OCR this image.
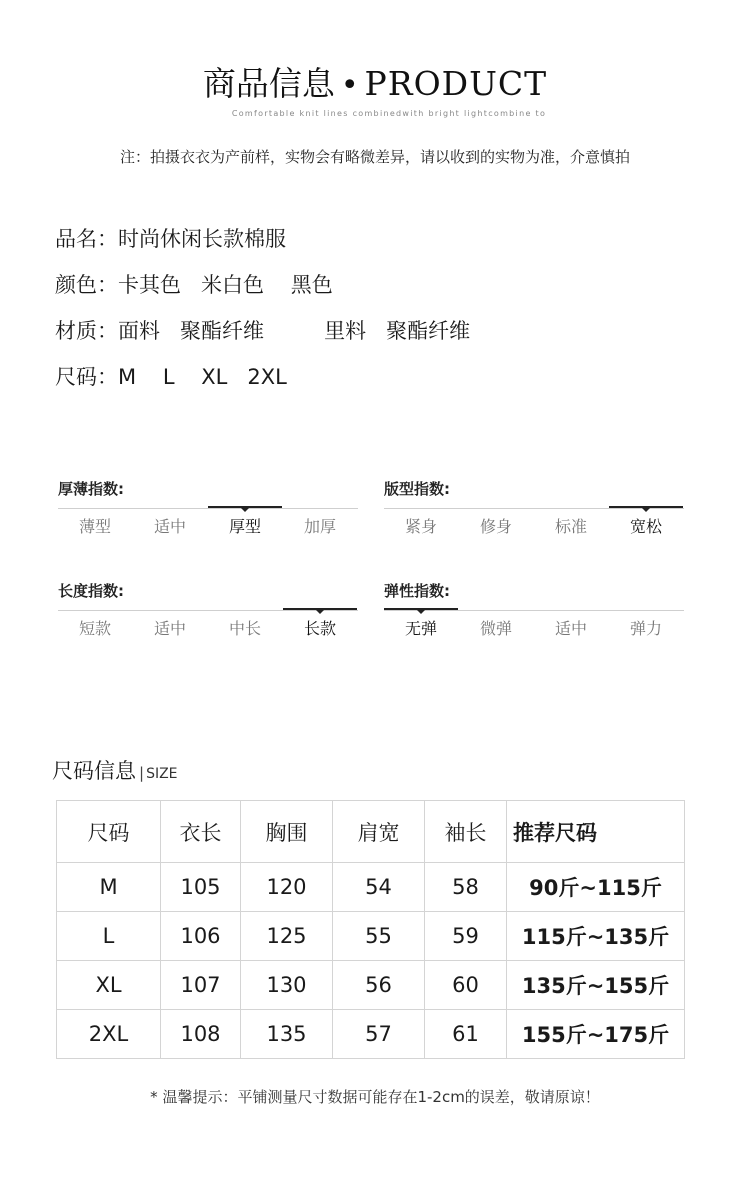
商品信息 • PRODUCT
Comfortable knit lines combinedwith bright lightcombine to
注：拍摄衣衣为产前样，实物会有略微差异，请以收到的实物为准，介意慎拍
品名：时尚休闲长款棉服
颜色：卡其色   米白色    黑色
材质：面料   聚酯纤维         里料   聚酯纤维
尺码：M    L    XL   2XL
厚薄指数:
薄型	适中	厚型	加厚
版型指数:
紧身	修身	标准	宽松
长度指数:
短款	适中	中长	长款
弹性指数:
无弹	微弹	适中	弹力
尺码信息 | SIZE
尺码	衣长	胸围	肩宽	袖长	推荐尺码
M	105	120	54	58	90斤~115斤
L	106	125	55	59	115斤~135斤
XL	107	130	56	60	135斤~155斤
2XL	108	135	57	61	155斤~175斤
* 温馨提示：平铺测量尺寸数据可能存在1-2cm的误差，敬请原谅！
